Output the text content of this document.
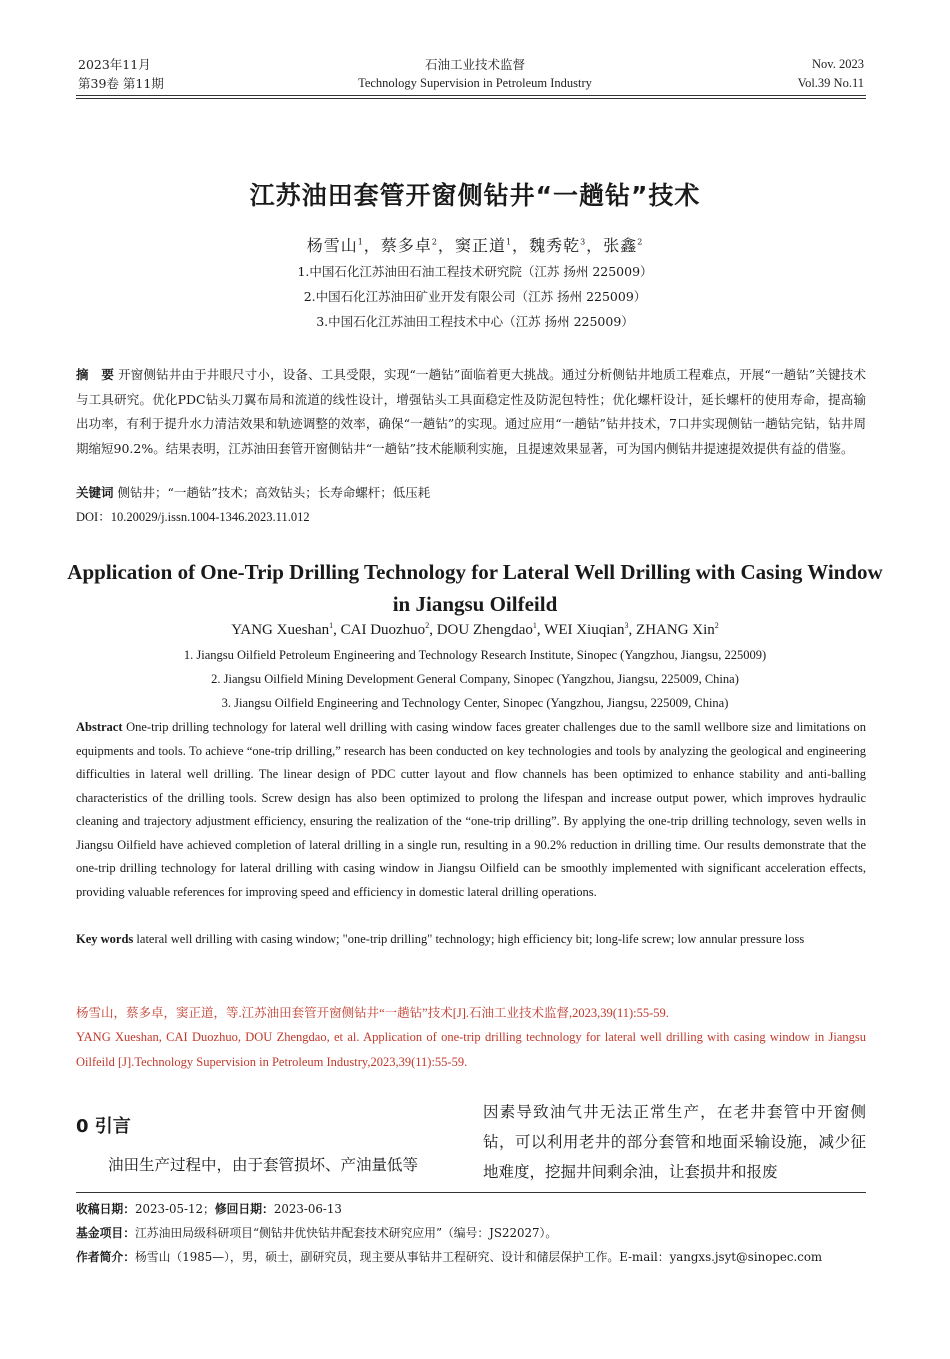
2023年11月
第39卷 第11期
石油工业技术监督
Technology Supervision in Petroleum Industry
Nov. 2023
Vol.39 No.11
江苏油田套管开窗侧钻井“一趟钻”技术
杨雪山$^1$，蔡多卓$^2$，窦正道$^1$，魏秀乾$^3$，张鑫$^2$
1.中国石化江苏油田石油工程技术研究院（江苏 扬州 225009）
2.中国石化江苏油田矿业开发有限公司（江苏 扬州 225009）
3.中国石化江苏油田工程技术中心（江苏 扬州 225009）
摘　要 开窗侧钻井由于井眼尺寸小，设备、工具受限，实现“一趟钻”面临着更大挑战。通过分析侧钻井地质工程难点，开展“一趟钻”关键技术与工具研究。优化PDC钻头刀翼布局和流道的线性设计，增强钻头工具面稳定性及防泥包特性；优化螺杆设计，延长螺杆的使用寿命，提高输出功率，有利于提升水力清洁效果和轨迹调整的效率，确保“一趟钻”的实现。通过应用“一趟钻”钻井技术，7口井实现侧钻一趟钻完钻，钻井周期缩短90.2%。结果表明，江苏油田套管开窗侧钻井“一趟钻”技术能顺利实施，且提速效果显著，可为国内侧钻井提速提效提供有益的借鉴。
关键词 侧钻井；“一趟钻”技术；高效钻头；长寿命螺杆；低压耗
DOI：10.20029/j.issn.1004-1346.2023.11.012
Application of One-Trip Drilling Technology for Lateral Well Drilling with Casing Window in Jiangsu Oilfeild
YANG Xueshan$^1$, CAI Duozhuo$^2$, DOU Zhengdao$^1$, WEI Xiuqian$^3$, ZHANG Xin$^2$
1. Jiangsu Oilfield Petroleum Engineering and Technology Research Institute, Sinopec (Yangzhou, Jiangsu, 225009)
2. Jiangsu Oilfield Mining Development General Company, Sinopec (Yangzhou, Jiangsu, 225009, China)
3. Jiangsu Oilfield Engineering and Technology Center, Sinopec (Yangzhou, Jiangsu, 225009, China)
Abstract One-trip drilling technology for lateral well drilling with casing window faces greater challenges due to the samll wellbore size and limitations on equipments and tools. To achieve “one-trip drilling,” research has been conducted on key technologies and tools by analyzing the geological and engineering difficulties in lateral well drilling. The linear design of PDC cutter layout and flow channels has been optimized to enhance stability and anti-balling characteristics of the drilling tools. Screw design has also been optimized to prolong the lifespan and increase output power, which improves hydraulic cleaning and trajectory adjustment efficiency, ensuring the realization of the “one-trip drilling”. By applying the one-trip drilling technology, seven wells in Jiangsu Oilfield have achieved completion of lateral drilling in a single run, resulting in a 90.2% reduction in drilling time. Our results demonstrate that the one-trip drilling technology for lateral drilling with casing window in Jiangsu Oilfield can be smoothly implemented with significant acceleration effects, providing valuable references for improving speed and efficiency in domestic lateral drilling operations.
Key words lateral well drilling with casing window; "one-trip drilling" technology; high efficiency bit; long-life screw; low annular pressure loss
杨雪山，蔡多卓，窦正道，等.江苏油田套管开窗侧钻井“一趟钻”技术[J].石油工业技术监督,2023,39(11):55-59.
YANG Xueshan, CAI Duozhuo, DOU Zhengdao, et al. Application of one-trip drilling technology for lateral well drilling with casing window in Jiangsu Oilfeild [J].Technology Supervision in Petroleum Industry,2023,39(11):55-59.
0 引言
油田生产过程中，由于套管损坏、产油量低等
因素导致油气井无法正常生产，在老井套管中开窗侧钻，可以利用老井的部分套管和地面采输设施，减少征地难度，挖掘井间剩余油，让套损井和报废
收稿日期：2023-05-12；修回日期：2023-06-13
基金项目：江苏油田局级科研项目“侧钻井优快钻井配套技术研究应用”（编号：JS22027）。
作者简介：杨雪山（1985—），男，硕士，副研究员，现主要从事钻井工程研究、设计和储层保护工作。E-mail：yangxs.jsyt@sinopec.com
